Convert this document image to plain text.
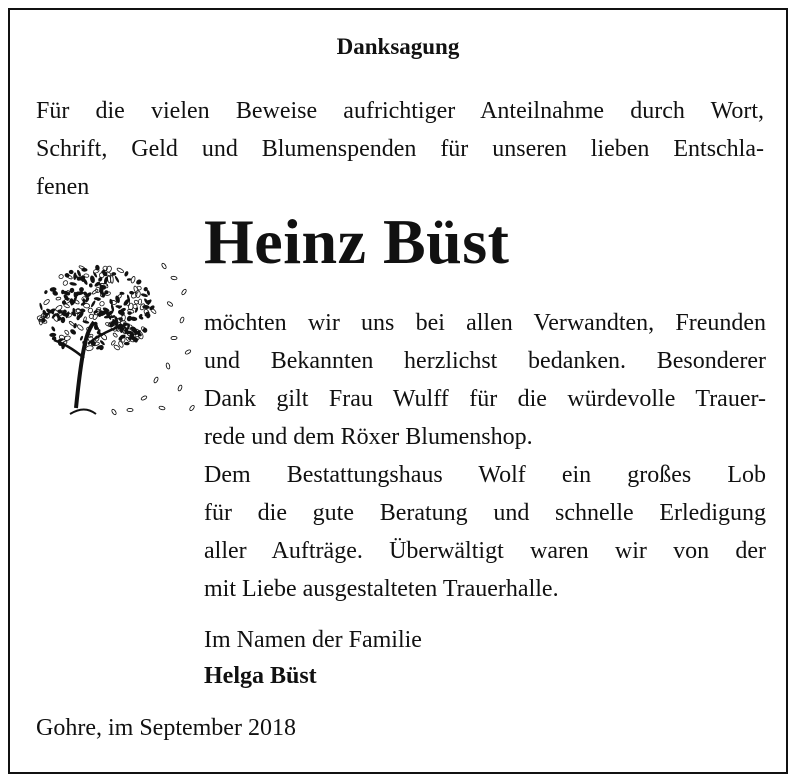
Danksagung
Für die vielen Beweise aufrichtiger Anteilnahme durch Wort,
Schrift, Geld und Blumenspenden für unseren lieben Entschla-
fenen
Heinz Büst
möchten wir uns bei allen Verwandten, Freunden
und Bekannten herzlichst bedanken. Besonderer
Dank gilt Frau Wulff für die würdevolle Trauer-
rede und dem Röxer Blumenshop.
Dem Bestattungshaus Wolf ein großes Lob
für die gute Beratung und schnelle Erledigung
aller Aufträge. Überwältigt waren wir von der
mit Liebe ausgestalteten Trauerhalle.
Im Namen der Familie
Helga Büst
Gohre, im September 2018
